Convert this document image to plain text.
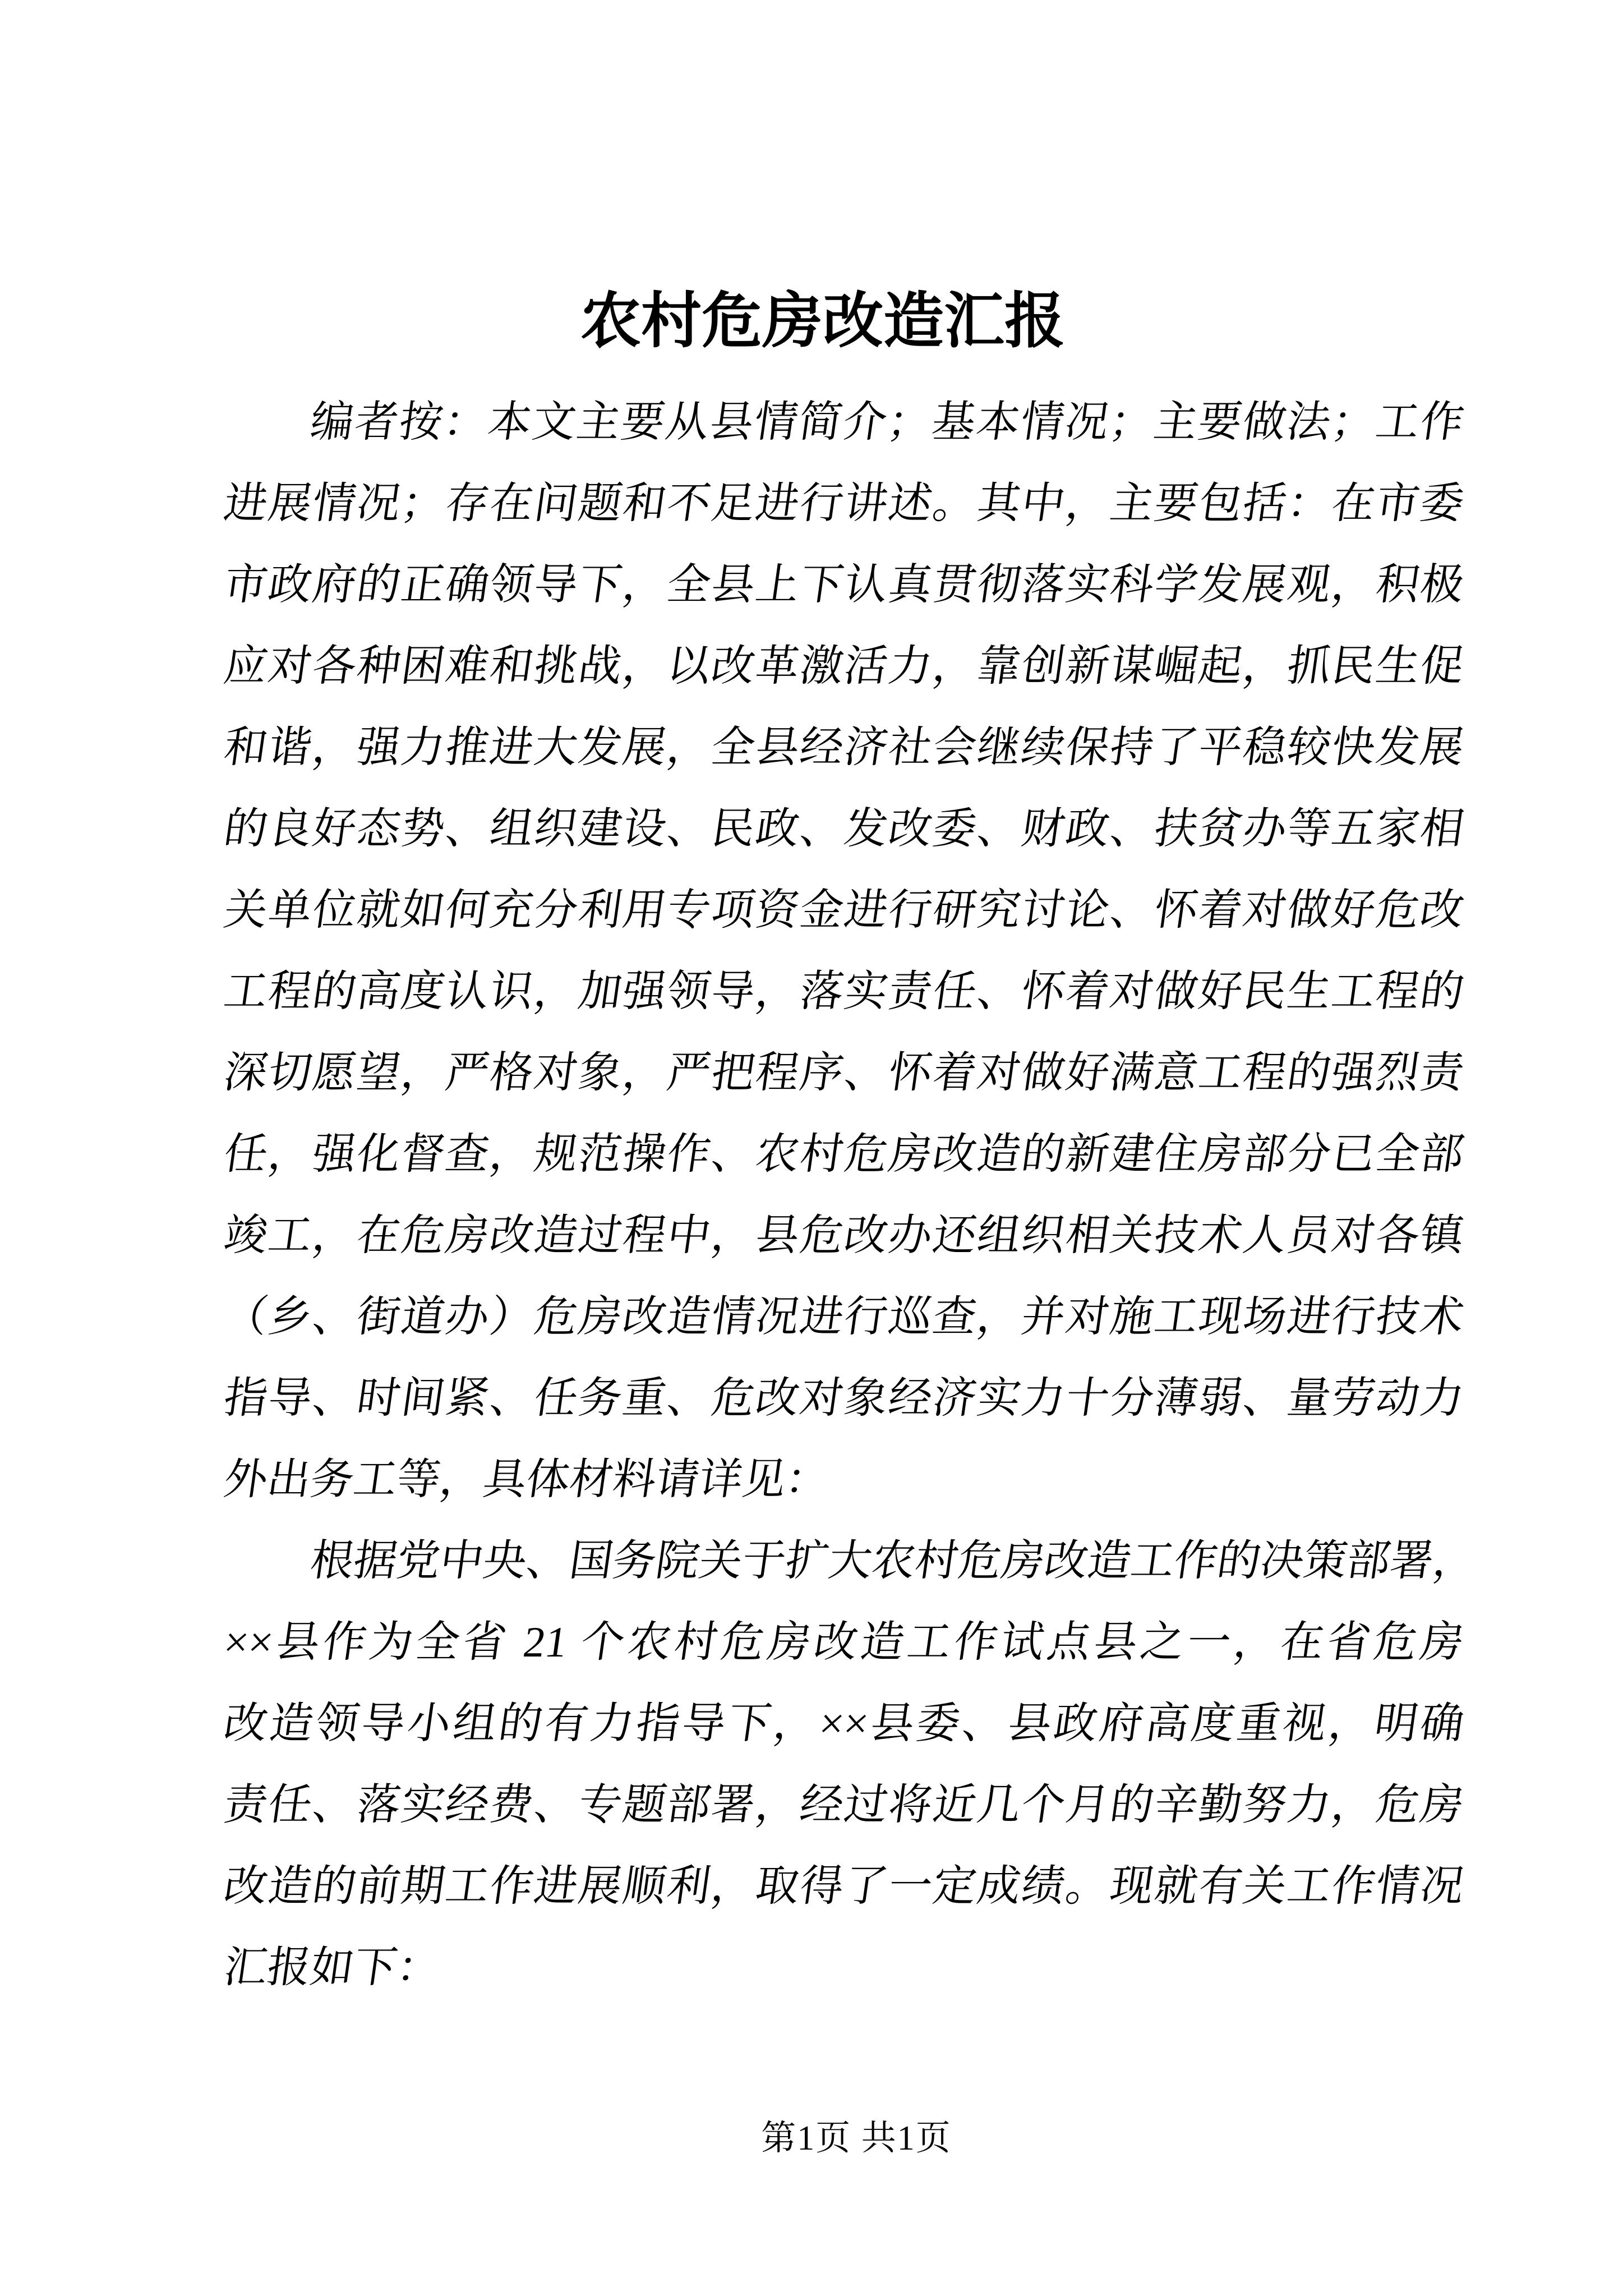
农村危房改造汇报
编者按：本文主要从县情简介；基本情况；主要做法；工作
进展情况；存在问题和不足进行讲述。其中，主要包括：在市委
市政府的正确领导下，全县上下认真贯彻落实科学发展观，积极
应对各种困难和挑战，以改革激活力，靠创新谋崛起，抓民生促
和谐，强力推进大发展，全县经济社会继续保持了平稳较快发展
的良好态势、组织建设、民政、发改委、财政、扶贫办等五家相
关单位就如何充分利用专项资金进行研究讨论、怀着对做好危改
工程的高度认识，加强领导，落实责任、怀着对做好民生工程的
深切愿望，严格对象，严把程序、怀着对做好满意工程的强烈责
任，强化督查，规范操作、农村危房改造的新建住房部分已全部
竣工，在危房改造过程中，县危改办还组织相关技术人员对各镇
（乡、街道办）危房改造情况进行巡查，并对施工现场进行技术
指导、时间紧、任务重、危改对象经济实力十分薄弱、量劳动力
外出务工等，具体材料请详见：
根据党中央、国务院关于扩大农村危房改造工作的决策部署，
××县作为全省 21 个农村危房改造工作试点县之一，在省危房
改造领导小组的有力指导下，××县委、县政府高度重视，明确
责任、落实经费、专题部署，经过将近几个月的辛勤努力，危房
改造的前期工作进展顺利，取得了一定成绩。现就有关工作情况
汇报如下：
第1页 共1页
